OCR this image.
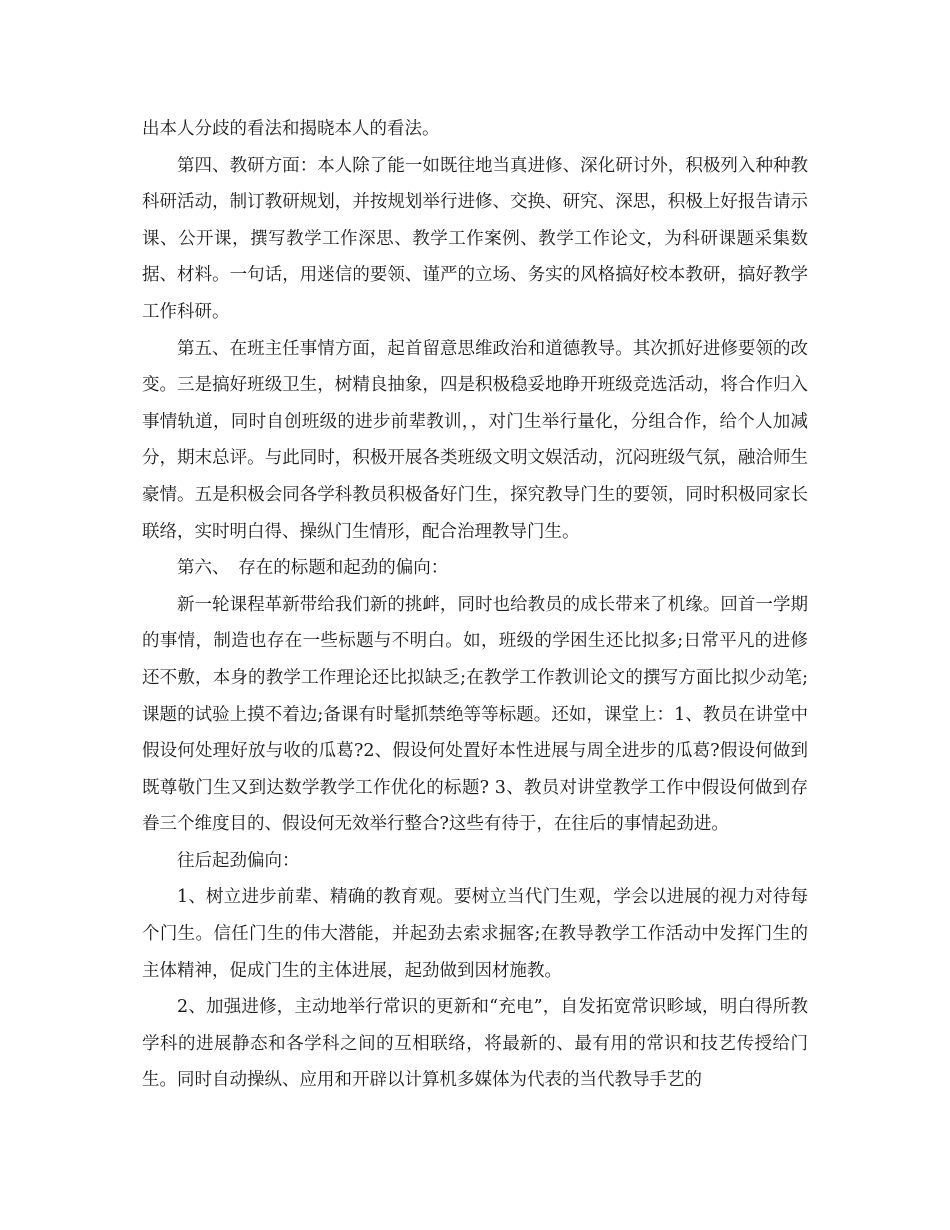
出本人分歧的看法和揭晓本人的看法。

第四、教研方面：本人除了能一如既往地当真进修、深化研讨外，积极列入种种教科研活动，制订教研规划，并按规划举行进修、交换、研究、深思，积极上好报告请示课、公开课，撰写教学工作深思、教学工作案例、教学工作论文，为科研课题采集数据、材料。一句话，用迷信的要领、谨严的立场、务实的风格搞好校本教研，搞好教学工作科研。

第五、在班主任事情方面，起首留意思维政治和道德教导。其次抓好进修要领的改变。三是搞好班级卫生，树精良抽象，四是积极稳妥地睁开班级竞选活动，将合作归入事情轨道，同时自创班级的进步前辈教训，，对门生举行量化，分组合作，给个人加减分，期末总评。与此同时，积极开展各类班级文明文娱活动，沉闷班级气氛，融洽师生豪情。五是积极会同各学科教员积极备好门生，探究教导门生的要领，同时积极同家长联络，实时明白得、操纵门生情形，配合治理教导门生。

第六、　存在的标题和起劲的偏向：

新一轮课程革新带给我们新的挑衅，同时也给教员的成长带来了机缘。回首一学期的事情，制造也存在一些标题与不明白。如，班级的学困生还比拟多;日常平凡的进修还不敷，本身的教学工作理论还比拟缺乏;在教学工作教训论文的撰写方面比拟少动笔;课题的试验上摸不着边;备课有时髦抓禁绝等等标题。还如，课堂上：1、教员在讲堂中假设何处理好放与收的瓜葛?2、假设何处置好本性进展与周全进步的瓜葛?假设何做到既尊敬门生又到达数学教学工作优化的标题? 3、教员对讲堂教学工作中假设何做到存眷三个维度目的、假设何无效举行整合?这些有待于，在往后的事情起劲进。

往后起劲偏向：

1、树立进步前辈、精确的教育观。要树立当代门生观，学会以进展的视力对待每个门生。信任门生的伟大潜能，并起劲去索求掘客;在教导教学工作活动中发挥门生的主体精神，促成门生的主体进展，起劲做到因材施教。

2、加强进修，主动地举行常识的更新和“充电”，自发拓宽常识畛域，明白得所教学科的进展静态和各学科之间的互相联络，将最新的、最有用的常识和技艺传授给门生。同时自动操纵、应用和开辟以计算机多媒体为代表的当代教导手艺的
